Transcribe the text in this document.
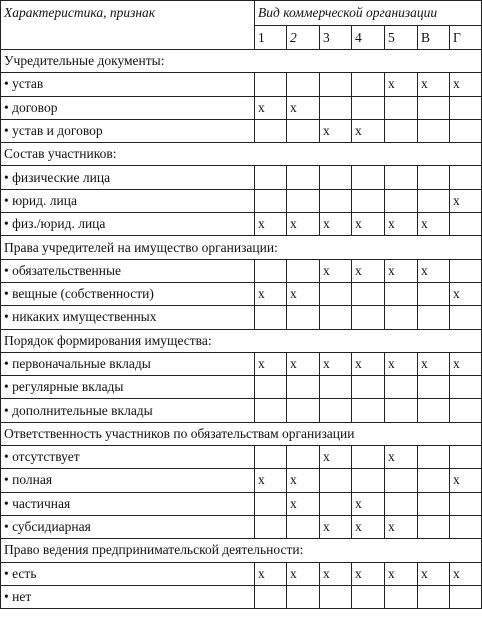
Характеристика, признак	Вид коммерческой организации						
	1	2	3	4	5	В	Г
Учредительные документы:							
• устав					x	x	x
• договор	x	x					
• устав и договор			x	x			
Состав участников:							
• физические лица							
• юрид. лица							x
• физ./юрид. лица	x	x	x	x	x	x	
Права учредителей на имущество организации:							
• обязательственные			x	x	x	x	
• вещные (собственности)	x	x					x
• никаких имущественных							
Порядок формирования имущества:							
• первоначальные вклады	x	x	x	x	x	x	x
• регулярные вклады							
• дополнительные вклады							
Ответственность участников по обязательствам организации							
• отсутствует			x		x		
• полная	x	x					x
• частичная		x		x			
• субсидиарная			x	x	x		
Право ведения предпринимательской деятельности:							
• есть	x	x	x	x	x	x	x
• нет							
